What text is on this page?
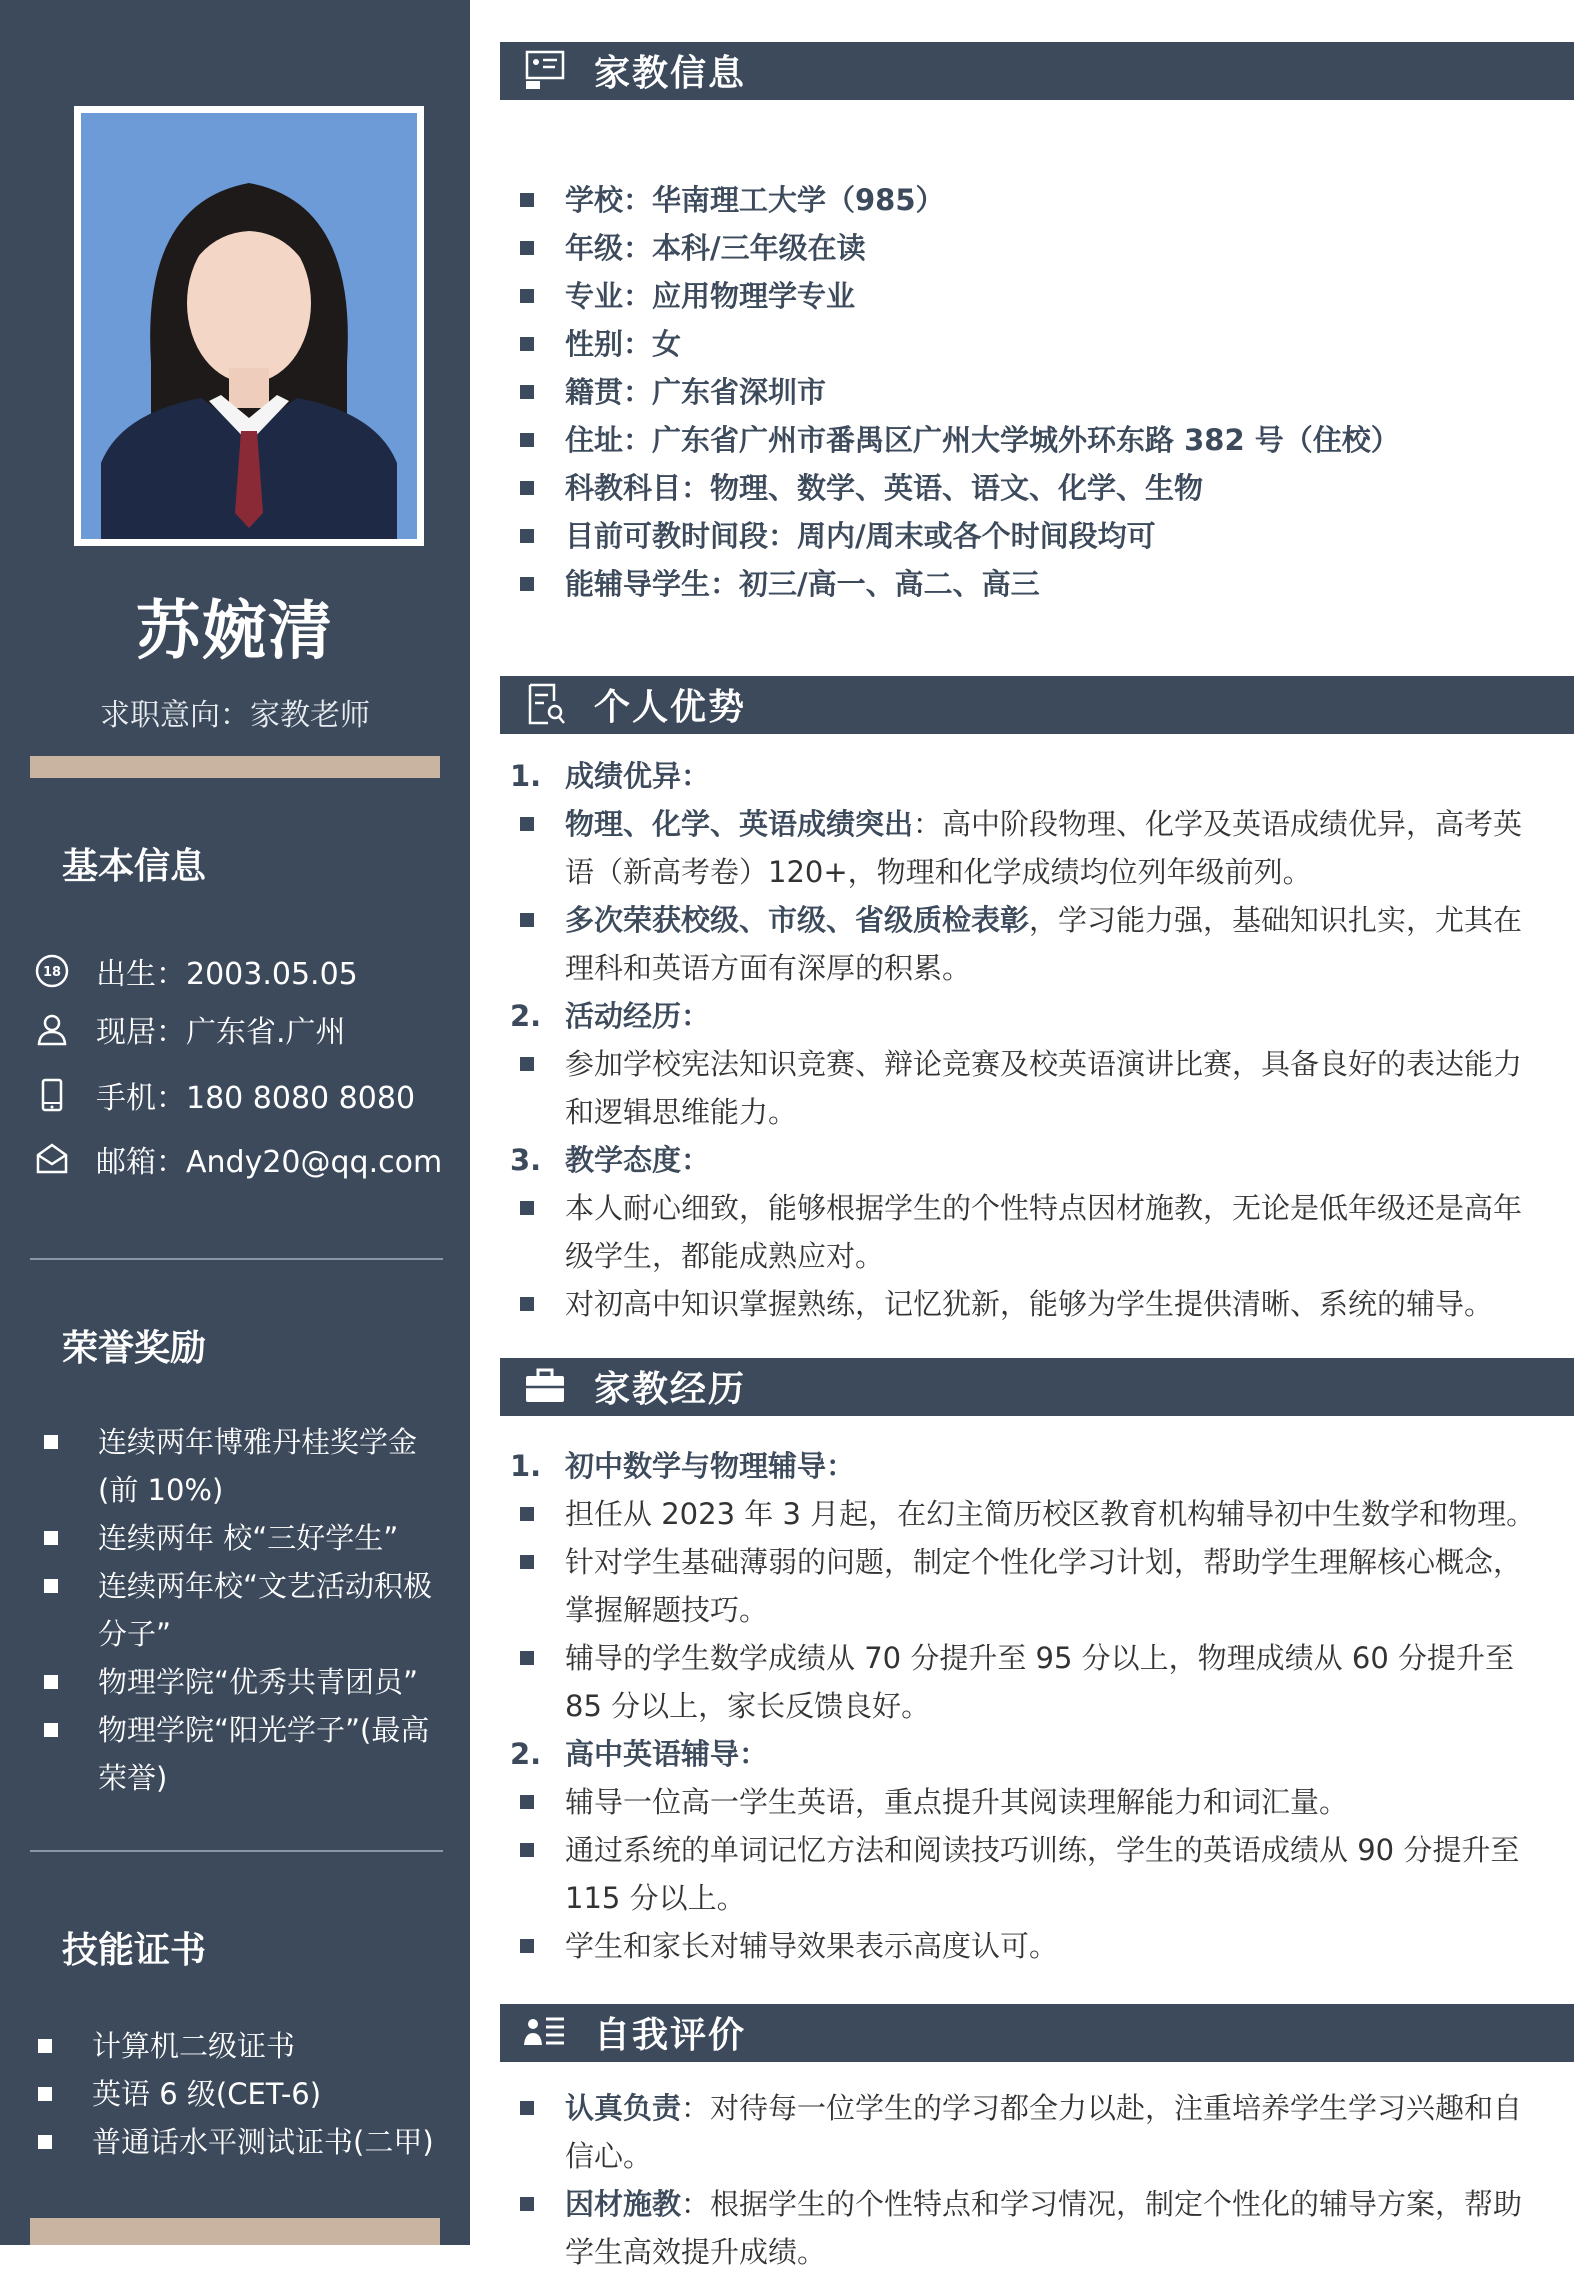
苏婉清
求职意向：家教老师
基本信息
18 出生：2003.05.05
现居：广东省.广州
手机：180 8080 8080
邮箱：Andy20@qq.com
荣誉奖励
连续两年博雅丹桂奖学金(前 10%)
连续两年 校“三好学生”
连续两年校“文艺活动积极分子”
物理学院“优秀共青团员”
物理学院“阳光学子”(最高荣誉)
技能证书
计算机二级证书
英语 6 级(CET-6)
普通话水平测试证书(二甲)
家教信息
学校：华南理工大学（985）
年级：本科/三年级在读
专业：应用物理学专业
性别：女
籍贯：广东省深圳市
住址：广东省广州市番禺区广州大学城外环东路 382 号（住校）
科教科目：物理、数学、英语、语文、化学、生物
目前可教时间段：周内/周末或各个时间段均可
能辅导学生：初三/高一、高二、高三
个人优势
1. 成绩优异：
物理、化学、英语成绩突出：高中阶段物理、化学及英语成绩优异，高考英语（新高考卷）120+，物理和化学成绩均位列年级前列。
多次荣获校级、市级、省级质检表彰，学习能力强，基础知识扎实，尤其在理科和英语方面有深厚的积累。
2. 活动经历：
参加学校宪法知识竞赛、辩论竞赛及校英语演讲比赛，具备良好的表达能力和逻辑思维能力。
3. 教学态度：
本人耐心细致，能够根据学生的个性特点因材施教，无论是低年级还是高年级学生，都能成熟应对。
对初高中知识掌握熟练，记忆犹新，能够为学生提供清晰、系统的辅导。
家教经历
1. 初中数学与物理辅导：
担任从 2023 年 3 月起，在幻主简历校区教育机构辅导初中生数学和物理。
针对学生基础薄弱的问题，制定个性化学习计划，帮助学生理解核心概念，掌握解题技巧。
辅导的学生数学成绩从 70 分提升至 95 分以上，物理成绩从 60 分提升至 85 分以上，家长反馈良好。
2. 高中英语辅导：
辅导一位高一学生英语，重点提升其阅读理解能力和词汇量。
通过系统的单词记忆方法和阅读技巧训练，学生的英语成绩从 90 分提升至 115 分以上。
学生和家长对辅导效果表示高度认可。
自我评价
认真负责：对待每一位学生的学习都全力以赴，注重培养学生学习兴趣和自信心。
因材施教：根据学生的个性特点和学习情况，制定个性化的辅导方案，帮助学生高效提升成绩。
